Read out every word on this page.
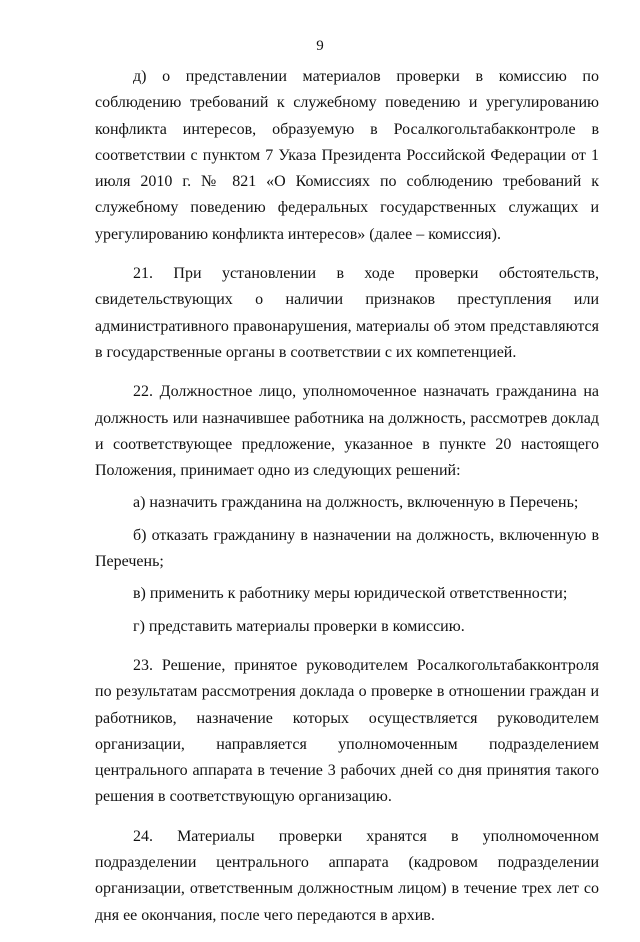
9

д) о представлении материалов проверки в комиссию по соблюдению требований к служебному поведению и урегулированию конфликта интересов, образуемую в Росалкогольтабакконтроле в соответствии с пунктом 7 Указа Президента Российской Федерации от 1 июля 2010 г. № 821 «О Комиссиях по соблюдению требований к служебному поведению федеральных государственных служащих и урегулированию конфликта интересов» (далее – комиссия).

21. При установлении в ходе проверки обстоятельств, свидетельствующих о наличии признаков преступления или административного правонарушения, материалы об этом представляются в государственные органы в соответствии с их компетенцией.

22. Должностное лицо, уполномоченное назначать гражданина на должность или назначившее работника на должность, рассмотрев доклад и соответствующее предложение, указанное в пункте 20 настоящего Положения, принимает одно из следующих решений:

а) назначить гражданина на должность, включенную в Перечень;

б) отказать гражданину в назначении на должность, включенную в Перечень;

в) применить к работнику меры юридической ответственности;

г) представить материалы проверки в комиссию.

23. Решение, принятое руководителем Росалкогольтабакконтроля по результатам рассмотрения доклада о проверке в отношении граждан и работников, назначение которых осуществляется руководителем организации, направляется уполномоченным подразделением центрального аппарата в течение 3 рабочих дней со дня принятия такого решения в соответствующую организацию.

24. Материалы проверки хранятся в уполномоченном подразделении центрального аппарата (кадровом подразделении организации, ответственным должностным лицом) в течение трех лет со дня ее окончания, после чего передаются в архив.
